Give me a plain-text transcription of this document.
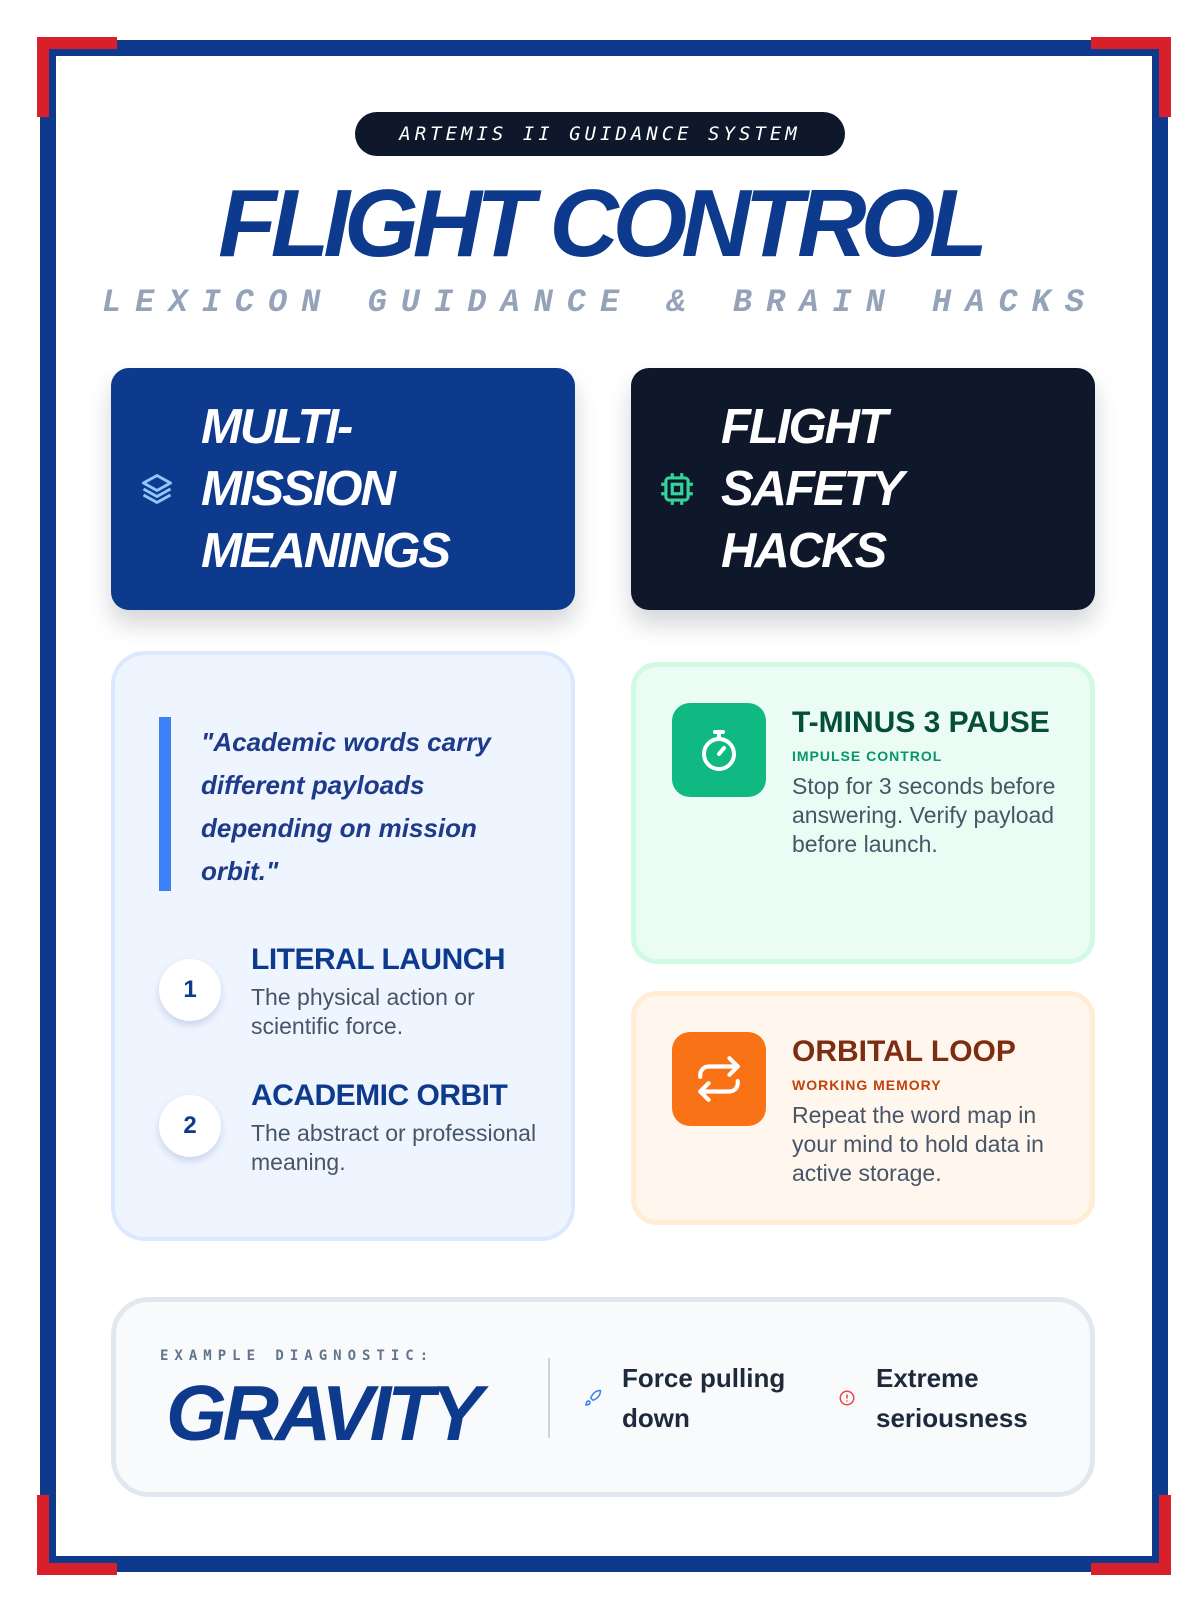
ARTEMIS II GUIDANCE SYSTEM
FLIGHT CONTROL
LEXICON GUIDANCE & BRAIN HACKS
MULTI-MISSION MEANINGS
FLIGHT SAFETY HACKS
"Academic words carry different payloads depending on mission orbit."
1
LITERAL LAUNCH
The physical action or scientific force.
2
ACADEMIC ORBIT
The abstract or professional meaning.
T-MINUS 3 PAUSE
IMPULSE CONTROL
Stop for 3 seconds before answering. Verify payload before launch.
ORBITAL LOOP
WORKING MEMORY
Repeat the word map in your mind to hold data in active storage.
EXAMPLE DIAGNOSTIC:
GRAVITY	Force pulling down
Extreme seriousness
